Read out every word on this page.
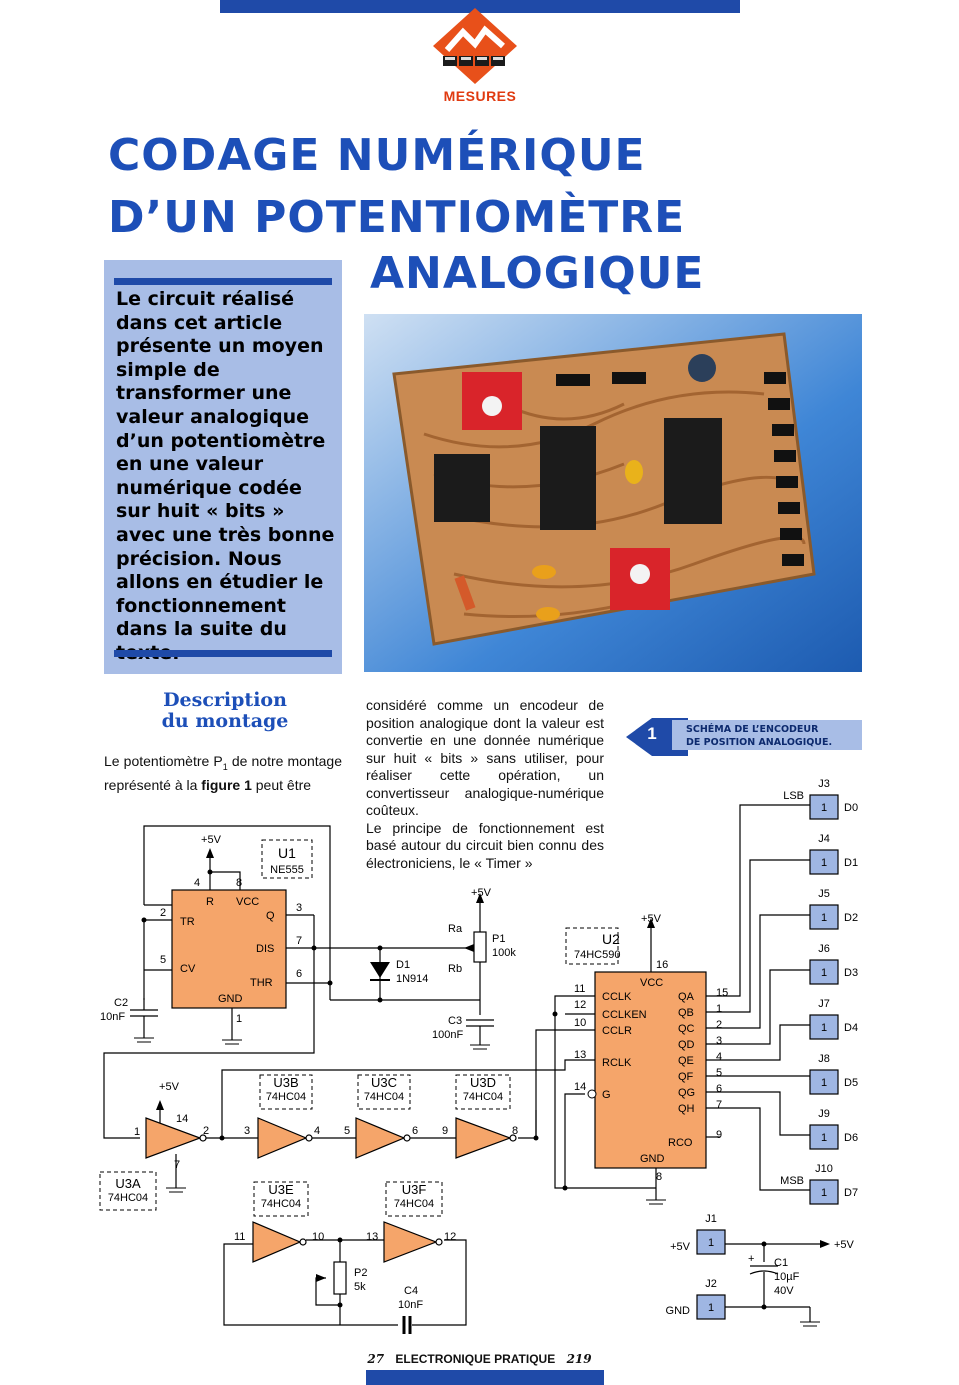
MESURES
CODAGE NUMÉRIQUE
D’UN POTENTIOMÈTRE
ANALOGIQUE

Le circuit réalisé dans cet article présente un moyen simple de transformer une valeur analogique d’un potentiomètre en une valeur numérique codée sur huit « bits » avec une très bonne précision. Nous allons en étudier le fonctionnement dans la suite du

Description
du montage

Le potentiomètre $P_1$ de notre montage représenté à la figure 1 peut être

considéré comme un encodeur de position analogique dont la valeur est convertie en une donnée numérique sur huit « bits » sans utiliser, pour réaliser cette opération, un convertisseur analogique-numérique coûteux.
Le principe de fonctionnement est basé autour du circuit bien connu des électroniciens, le « Timer »
1	SCHÉMA DE L’ENCODEUR
DE POSITION ANALOGIQUE.
U1
NE555
+5V
R VCC
TR	Q
DIS
CV
THR
GND
4	8
2	3
7
5
6
1
C2
10nF
Ra
P1
100k
Rb
D1
1N914
C3
100nF
+5V
U2
74HC590
+5V
VCC
CCLK
CCLKEN
CCLR
RCLK
G
GND
QA 15
QB 1
QC 2
QD 3
QE 4
QF 5
QG 6
QH 7
RCO
9
16
11
12
10
13
14
8
U3A
74HC04
U3B
74HC04
U3C
74HC04
U3D
74HC04
U3E
74HC04
U3F
74HC04
1	2
14
7
+5V
3	4 5	6 9	8
11	10	13	12
P2
5k	C4
10nF
J3
1 D0
LSB
J4
1 D1
J5
1 D2
J6
1 D3
J7
1 D4
J8
1 D5
J9
1 D6
J10
1 D7
MSB
J1
1
J2
1
+5V
GND
+5V
C1
10µF
40V
+
27 ELECTRONIQUE PRATIQUE 219
